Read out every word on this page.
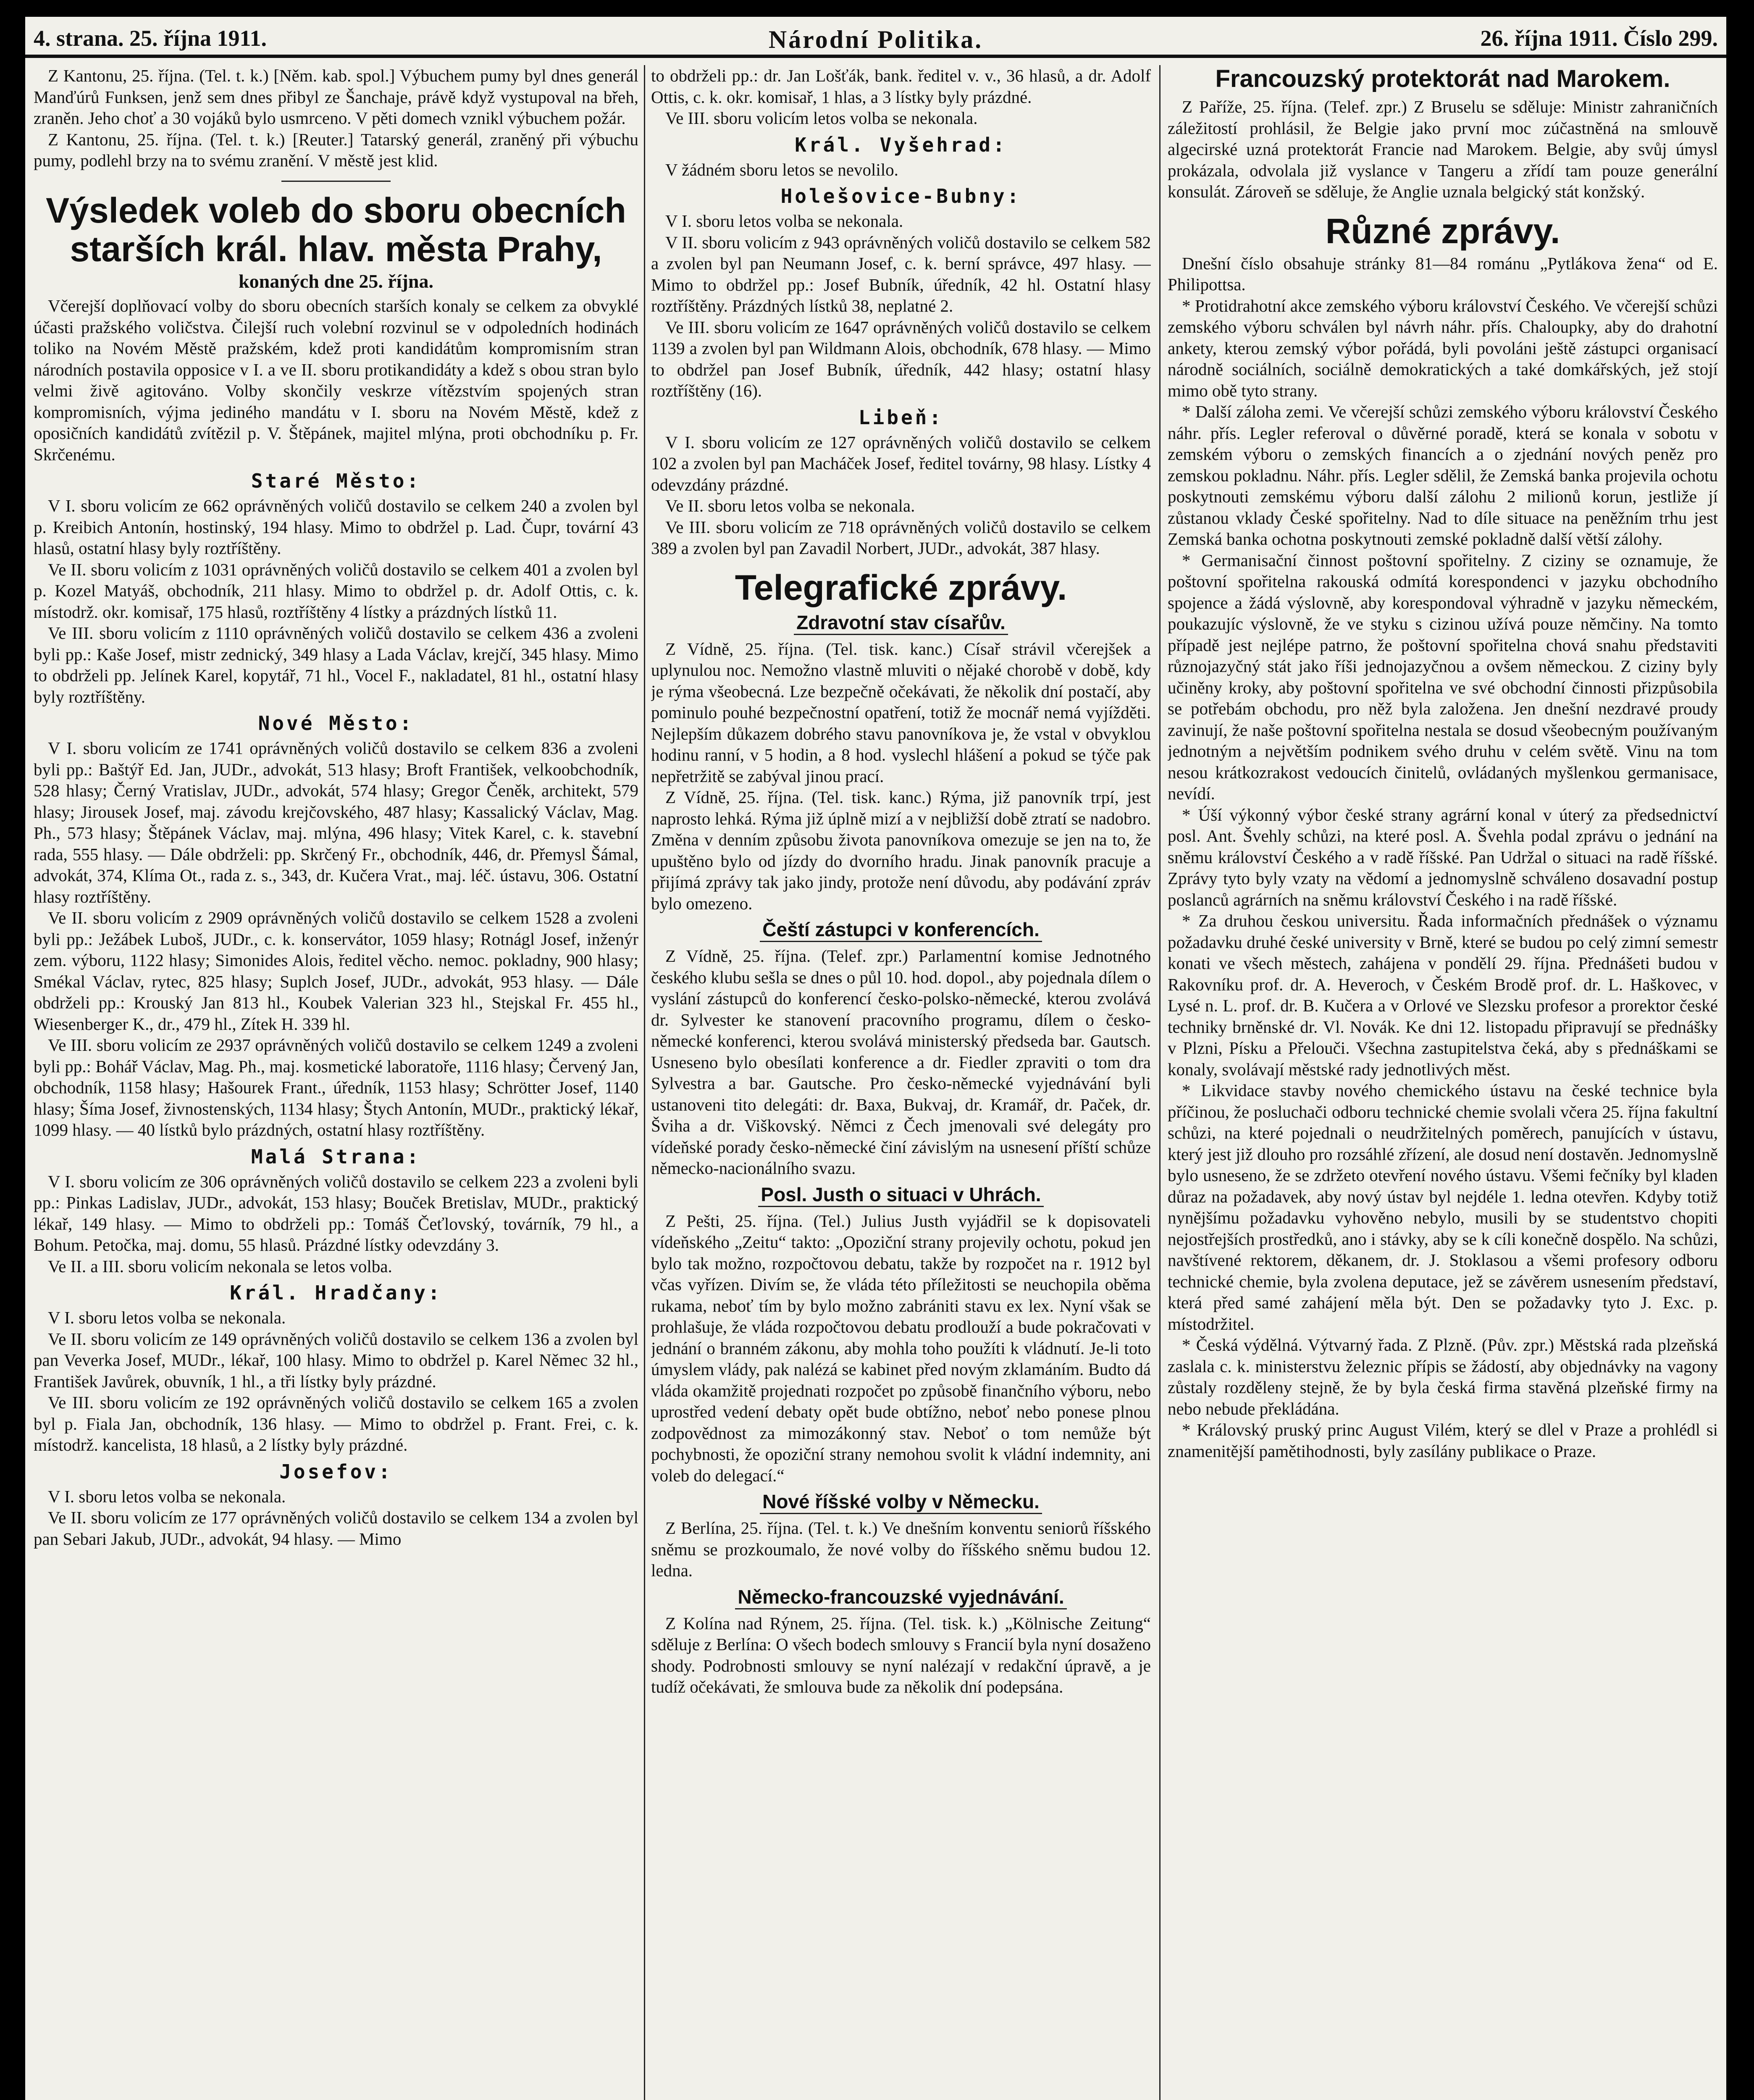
4. strana. 25. října 1911.	Národní Politika.	26. října 1911. Číslo 299.

Z Kantonu, 25. října. (Tel. t. k.) [Něm. kab. spol.] Výbuchem pumy byl dnes generál Manďúrů Funksen, jenž sem dnes přibyl ze Šanchaje, právě když vystupoval na břeh, zraněn. Jeho choť a 30 vojáků bylo usmrceno. V pěti domech vznikl výbuchem požár.

Z Kantonu, 25. října. (Tel. t. k.) [Reuter.] Tatarský generál, zraněný při výbuchu pumy, podlehl brzy na to svému zranění. V městě jest klid.

Výsledek voleb do sboru obecních starších král. hlav. města Prahy,
konaných dne 25. října.

Včerejší doplňovací volby do sboru obecních starších konaly se celkem za obvyklé účasti pražského voličstva. Čilejší ruch volební rozvinul se v odpoledních hodinách toliko na Novém Městě pražském, kdež proti kandidátům kompromisním stran národních postavila opposice v I. a ve II. sboru protikandidáty a kdež s obou stran bylo velmi živě agitováno. Volby skončily veskrze vítězstvím spojených stran kompromisních, výjma jediného mandátu v I. sboru na Novém Městě, kdež z oposičních kandidátů zvítězil p. V. Štěpánek, majitel mlýna, proti obchodníku p. Fr. Skrčenému.

Staré Město:

V I. sboru volicím ze 662 oprávněných voličů dostavilo se celkem 240 a zvolen byl p. Kreibich Antonín, hostinský, 194 hlasy. Mimo to obdržel p. Lad. Čupr, tovární 43 hlasů, ostatní hlasy byly roztříštěny.

Ve II. sboru volicím z 1031 oprávněných voličů dostavilo se celkem 401 a zvolen byl p. Kozel Matyáš, obchodník, 211 hlasy. Mimo to obdržel p. dr. Adolf Ottis, c. k. místodrž. okr. komisař, 175 hlasů, roztříštěny 4 lístky a prázdných lístků 11.

Ve III. sboru volicím z 1110 oprávněných voličů dostavilo se celkem 436 a zvoleni byli pp.: Kaše Josef, mistr zednický, 349 hlasy a Lada Václav, krejčí, 345 hlasy. Mimo to obdrželi pp. Jelínek Karel, kopytář, 71 hl., Vocel F., nakladatel, 81 hl., ostatní hlasy byly roztříštěny.

Nové Město:

V I. sboru volicím ze 1741 oprávněných voličů dostavilo se celkem 836 a zvoleni byli pp.: Baštýř Ed. Jan, JUDr., advokát, 513 hlasy; Broft František, velkoobchodník, 528 hlasy; Černý Vratislav, JUDr., advokát, 574 hlasy; Gregor Čeněk, architekt, 579 hlasy; Jirousek Josef, maj. závodu krejčovského, 487 hlasy; Kassalický Václav, Mag. Ph., 573 hlasy; Štěpánek Václav, maj. mlýna, 496 hlasy; Vitek Karel, c. k. stavební rada, 555 hlasy. — Dále obdrželi: pp. Skrčený Fr., obchodník, 446, dr. Přemysl Šámal, advokát, 374, Klíma Ot., rada z. s., 343, dr. Kučera Vrat., maj. léč. ústavu, 306. Ostatní hlasy roztříštěny.

Ve II. sboru volicím z 2909 oprávněných voličů dostavilo se celkem 1528 a zvoleni byli pp.: Ježábek Luboš, JUDr., c. k. konservátor, 1059 hlasy; Rotnágl Josef, inženýr zem. výboru, 1122 hlasy; Simonides Alois, ředitel věcho. nemoc. pokladny, 900 hlasy; Smékal Václav, rytec, 825 hlasy; Suplch Josef, JUDr., advokát, 953 hlasy. — Dále obdrželi pp.: Krouský Jan 813 hl., Koubek Valerian 323 hl., Stejskal Fr. 455 hl., Wiesenberger K., dr., 479 hl., Zítek H. 339 hl.

Ve III. sboru volicím ze 2937 oprávněných voličů dostavilo se celkem 1249 a zvoleni byli pp.: Bohář Václav, Mag. Ph., maj. kosmetické laboratoře, 1116 hlasy; Červený Jan, obchodník, 1158 hlasy; Hašourek Frant., úředník, 1153 hlasy; Schrötter Josef, 1140 hlasy; Šíma Josef, živnostenských, 1134 hlasy; Štych Antonín, MUDr., praktický lékař, 1099 hlasy. — 40 lístků bylo prázdných, ostatní hlasy roztříštěny.

Malá Strana:

V I. sboru volicím ze 306 oprávněných voličů dostavilo se celkem 223 a zvoleni byli pp.: Pinkas Ladislav, JUDr., advokát, 153 hlasy; Bouček Bretislav, MUDr., praktický lékař, 149 hlasy. — Mimo to obdrželi pp.: Tomáš Čeťlovský, továrník, 79 hl., a Bohum. Petočka, maj. domu, 55 hlasů. Prázdné lístky odevzdány 3.

Ve II. a III. sboru volicím nekonala se letos volba.

Král. Hradčany:

V I. sboru letos volba se nekonala.

Ve II. sboru volicím ze 149 oprávněných voličů dostavilo se celkem 136 a zvolen byl pan Veverka Josef, MUDr., lékař, 100 hlasy. Mimo to obdržel p. Karel Němec 32 hl., František Javůrek, obuvník, 1 hl., a tři lístky byly prázdné.

Ve III. sboru volicím ze 192 oprávněných voličů dostavilo se celkem 165 a zvolen byl p. Fiala Jan, obchodník, 136 hlasy. — Mimo to obdržel p. Frant. Frei, c. k. místodrž. kancelista, 18 hlasů, a 2 lístky byly prázdné.

Josefov:

V I. sboru letos volba se nekonala.

Ve II. sboru volicím ze 177 oprávněných voličů dostavilo se celkem 134 a zvolen byl pan Sebari Jakub, JUDr., advokát, 94 hlasy. — Mimo

to obdrželi pp.: dr. Jan Lošťák, bank. ředitel v. v., 36 hlasů, a dr. Adolf Ottis, c. k. okr. komisař, 1 hlas, a 3 lístky byly prázdné.

Ve III. sboru volicím letos volba se nekonala.

Král. Vyšehrad:

V žádném sboru letos se nevolilo.

Holešovice-Bubny:

V I. sboru letos volba se nekonala.

V II. sboru volicím z 943 oprávněných voličů dostavilo se celkem 582 a zvolen byl pan Neumann Josef, c. k. berní správce, 497 hlasy. — Mimo to obdržel pp.: Josef Bubník, úředník, 42 hl. Ostatní hlasy roztříštěny. Prázdných lístků 38, neplatné 2.

Ve III. sboru volicím ze 1647 oprávněných voličů dostavilo se celkem 1139 a zvolen byl pan Wildmann Alois, obchodník, 678 hlasy. — Mimo to obdržel pan Josef Bubník, úředník, 442 hlasy; ostatní hlasy roztříštěny (16).

Libeň:

V I. sboru volicím ze 127 oprávněných voličů dostavilo se celkem 102 a zvolen byl pan Macháček Josef, ředitel továrny, 98 hlasy. Lístky 4 odevzdány prázdné.

Ve II. sboru letos volba se nekonala.

Ve III. sboru volicím ze 718 oprávněných voličů dostavilo se celkem 389 a zvolen byl pan Zavadil Norbert, JUDr., advokát, 387 hlasy.

Telegrafické zprávy.
Zdravotní stav císařův.

Z Vídně, 25. října. (Tel. tisk. kanc.) Císař strávil včerejšek a uplynulou noc. Nemožno vlastně mluviti o nějaké chorobě v době, kdy je rýma všeobecná. Lze bezpečně očekávati, že několik dní postačí, aby pominulo pouhé bezpečnostní opatření, totiž že mocnář nemá vyjížděti. Nejlepším důkazem dobrého stavu panovníkova je, že vstal v obvyklou hodinu ranní, v 5 hodin, a 8 hod. vyslechl hlášení a pokud se týče pak nepřetržitě se zabýval jinou prací.

Z Vídně, 25. října. (Tel. tisk. kanc.) Rýma, již panovník trpí, jest naprosto lehká. Rýma již úplně mizí a v nejbližší době ztratí se nadobro. Změna v denním způsobu života panovníkova omezuje se jen na to, že upuštěno bylo od jízdy do dvorního hradu. Jinak panovník pracuje a přijímá zprávy tak jako jindy, protože není důvodu, aby podávání zpráv bylo omezeno.

Čeští zástupci v konferencích.

Z Vídně, 25. října. (Telef. zpr.) Parlamentní komise Jednotného českého klubu sešla se dnes o půl 10. hod. dopol., aby pojednala dílem o vyslání zástupců do konferencí česko-polsko-německé, kterou zvolává dr. Sylvester ke stanovení pracovního programu, dílem o česko-německé konferenci, kterou svolává ministerský předseda bar. Gautsch. Usneseno bylo obesílati konference a dr. Fiedler zpraviti o tom dra Sylvestra a bar. Gautsche. Pro česko-německé vyjednávání byli ustanoveni tito delegáti: dr. Baxa, Bukvaj, dr. Kramář, dr. Paček, dr. Šviha a dr. Viškovský. Němci z Čech jmenovali své delegáty pro vídeňské porady česko-německé činí závislým na usnesení příští schůze německo-nacionálního svazu.

Posl. Justh o situaci v Uhrách.

Z Pešti, 25. října. (Tel.) Julius Justh vyjádřil se k dopisovateli vídeňského „Zeitu“ takto: „Opoziční strany projevily ochotu, pokud jen bylo tak možno, rozpočtovou debatu, takže by rozpočet na r. 1912 byl včas vyřízen. Divím se, že vláda této příležitosti se neuchopila oběma rukama, neboť tím by bylo možno zabrániti stavu ex lex. Nyní však se prohlašuje, že vláda rozpočtovou debatu prodlouží a bude pokračovati v jednání o branném zákonu, aby mohla toho použíti k vládnutí. Je-li toto úmyslem vlády, pak nalézá se kabinet před novým zklamáním. Budto dá vláda okamžitě projednati rozpočet po způsobě finančního výboru, nebo uprostřed vedení debaty opět bude obtížno, neboť nebo ponese plnou zodpovědnost za mimozákonný stav. Neboť o tom nemůže být pochybnosti, že opoziční strany nemohou svolit k vládní indemnity, ani voleb do delegací.“

Nové říšské volby v Německu.

Z Berlína, 25. října. (Tel. t. k.) Ve dnešním konventu seniorů říšského sněmu se prozkoumalo, že nové volby do říšského sněmu budou 12. ledna.

Německo-francouzské vyjednávání.

Z Kolína nad Rýnem, 25. října. (Tel. tisk. k.) „Kölnische Zeitung“ sděluje z Berlína: O všech bodech smlouvy s Francií byla nyní dosaženo shody. Podrobnosti smlouvy se nyní nalézají v redakční úpravě, a je tudíž očekávati, že smlouva bude za několik dní podepsána.

Francouzský protektorát nad Marokem.

Z Paříže, 25. října. (Telef. zpr.) Z Bruselu se sděluje: Ministr zahraničních záležitostí prohlásil, že Belgie jako první moc zúčastněná na smlouvě algecirské uzná protektorát Francie nad Marokem. Belgie, aby svůj úmysl prokázala, odvolala již vyslance v Tangeru a zřídí tam pouze generální konsulát. Zároveň se sděluje, že Anglie uznala belgický stát konžský.

Různé zprávy.

Dnešní číslo obsahuje stránky 81—84 románu „Pytlákova žena“ od E. Philipottsa.

* Protidrahotní akce zemského výboru království Českého. Ve včerejší schůzi zemského výboru schválen byl návrh náhr. přís. Chaloupky, aby do drahotní ankety, kterou zemský výbor pořádá, byli povoláni ještě zástupci organisací národně sociálních, sociálně demokratických a také domkářských, jež stojí mimo obě tyto strany.

* Další záloha zemi. Ve včerejší schůzi zemského výboru království Českého náhr. přís. Legler referoval o důvěrné poradě, která se konala v sobotu v zemském výboru o zemských financích a o zjednání nových peněz pro zemskou pokladnu. Náhr. přís. Legler sdělil, že Zemská banka projevila ochotu poskytnouti zemskému výboru další zálohu 2 milionů korun, jestliže jí zůstanou vklady České spořitelny. Nad to díle situace na peněžním trhu jest Zemská banka ochotna poskytnouti zemské pokladně další větší zálohy.

* Germanisační činnost poštovní spořitelny. Z ciziny se oznamuje, že poštovní spořitelna rakouská odmítá korespondenci v jazyku obchodního spojence a žádá výslovně, aby korespondoval výhradně v jazyku německém, poukazujíc výslovně, že ve styku s cizinou užívá pouze němčiny. Na tomto případě jest nejlépe patrno, že poštovní spořitelna chová snahu představiti různojazyčný stát jako říši jednojazyčnou a ovšem německou. Z ciziny byly učiněny kroky, aby poštovní spořitelna ve své obchodní činnosti přizpůsobila se potřebám obchodu, pro něž byla založena. Jen dnešní nezdravé proudy zavinují, že naše poštovní spořitelna nestala se dosud všeobecným používaným jednotným a největším podnikem svého druhu v celém světě. Vinu na tom nesou krátkozrakost vedoucích činitelů, ovládaných myšlenkou germanisace, nevídí.

* Úší výkonný výbor české strany agrární konal v úterý za předsednictví posl. Ant. Švehly schůzi, na které posl. A. Švehla podal zprávu o jednání na sněmu království Českého a v radě říšské. Pan Udržal o situaci na radě říšské. Zprávy tyto byly vzaty na vědomí a jednomyslně schváleno dosavadní postup poslanců agrárních na sněmu království Českého i na radě říšské.

* Za druhou českou universitu. Řada informačních přednášek o významu požadavku druhé české university v Brně, které se budou po celý zimní semestr konati ve všech městech, zahájena v pondělí 29. října. Přednášeti budou v Rakovníku prof. dr. A. Heveroch, v Českém Brodě prof. dr. L. Haškovec, v Lysé n. L. prof. dr. B. Kučera a v Orlové ve Slezsku profesor a prorektor české techniky brněnské dr. Vl. Novák. Ke dni 12. listopadu připravují se přednášky v Plzni, Písku a Přelouči. Všechna zastupitelstva čeká, aby s přednáškami se konaly, svolávají městské rady jednotlivých měst.

* Likvidace stavby nového chemického ústavu na české technice byla příčinou, že posluchači odboru technické chemie svolali včera 25. října fakultní schůzi, na které pojednali o neudržitelných poměrech, panujících v ústavu, který jest již dlouho pro rozsáhlé zřízení, ale dosud není dostavěn. Jednomyslně bylo usneseno, že se zdržeto otevření nového ústavu. Všemi fečníky byl kladen důraz na požadavek, aby nový ústav byl nejdéle 1. ledna otevřen. Kdyby totiž nynějšímu požadavku vyhověno nebylo, musili by se studentstvo chopiti nejostřejších prostředků, ano i stávky, aby se k cíli konečně dospělo. Na schůzi, navštívené rektorem, děkanem, dr. J. Stoklasou a všemi profesory odboru technické chemie, byla zvolena deputace, jež se závěrem usnesením představí, která před samé zahájení měla být. Den se požadavky tyto J. Exc. p. místodržitel.

* Česká výdělná. Výtvarný řada. Z Plzně. (Pův. zpr.) Městská rada plzeňská zaslala c. k. ministerstvu železnic přípis se žádostí, aby objednávky na vagony zůstaly rozděleny stejně, že by byla česká firma stavěná plzeňské firmy na nebo nebude překládána.

* Královský pruský princ August Vilém, který se dlel v Praze a prohlédl si znamenitější pamětihodnosti, byly zasílány publikace o Praze.
